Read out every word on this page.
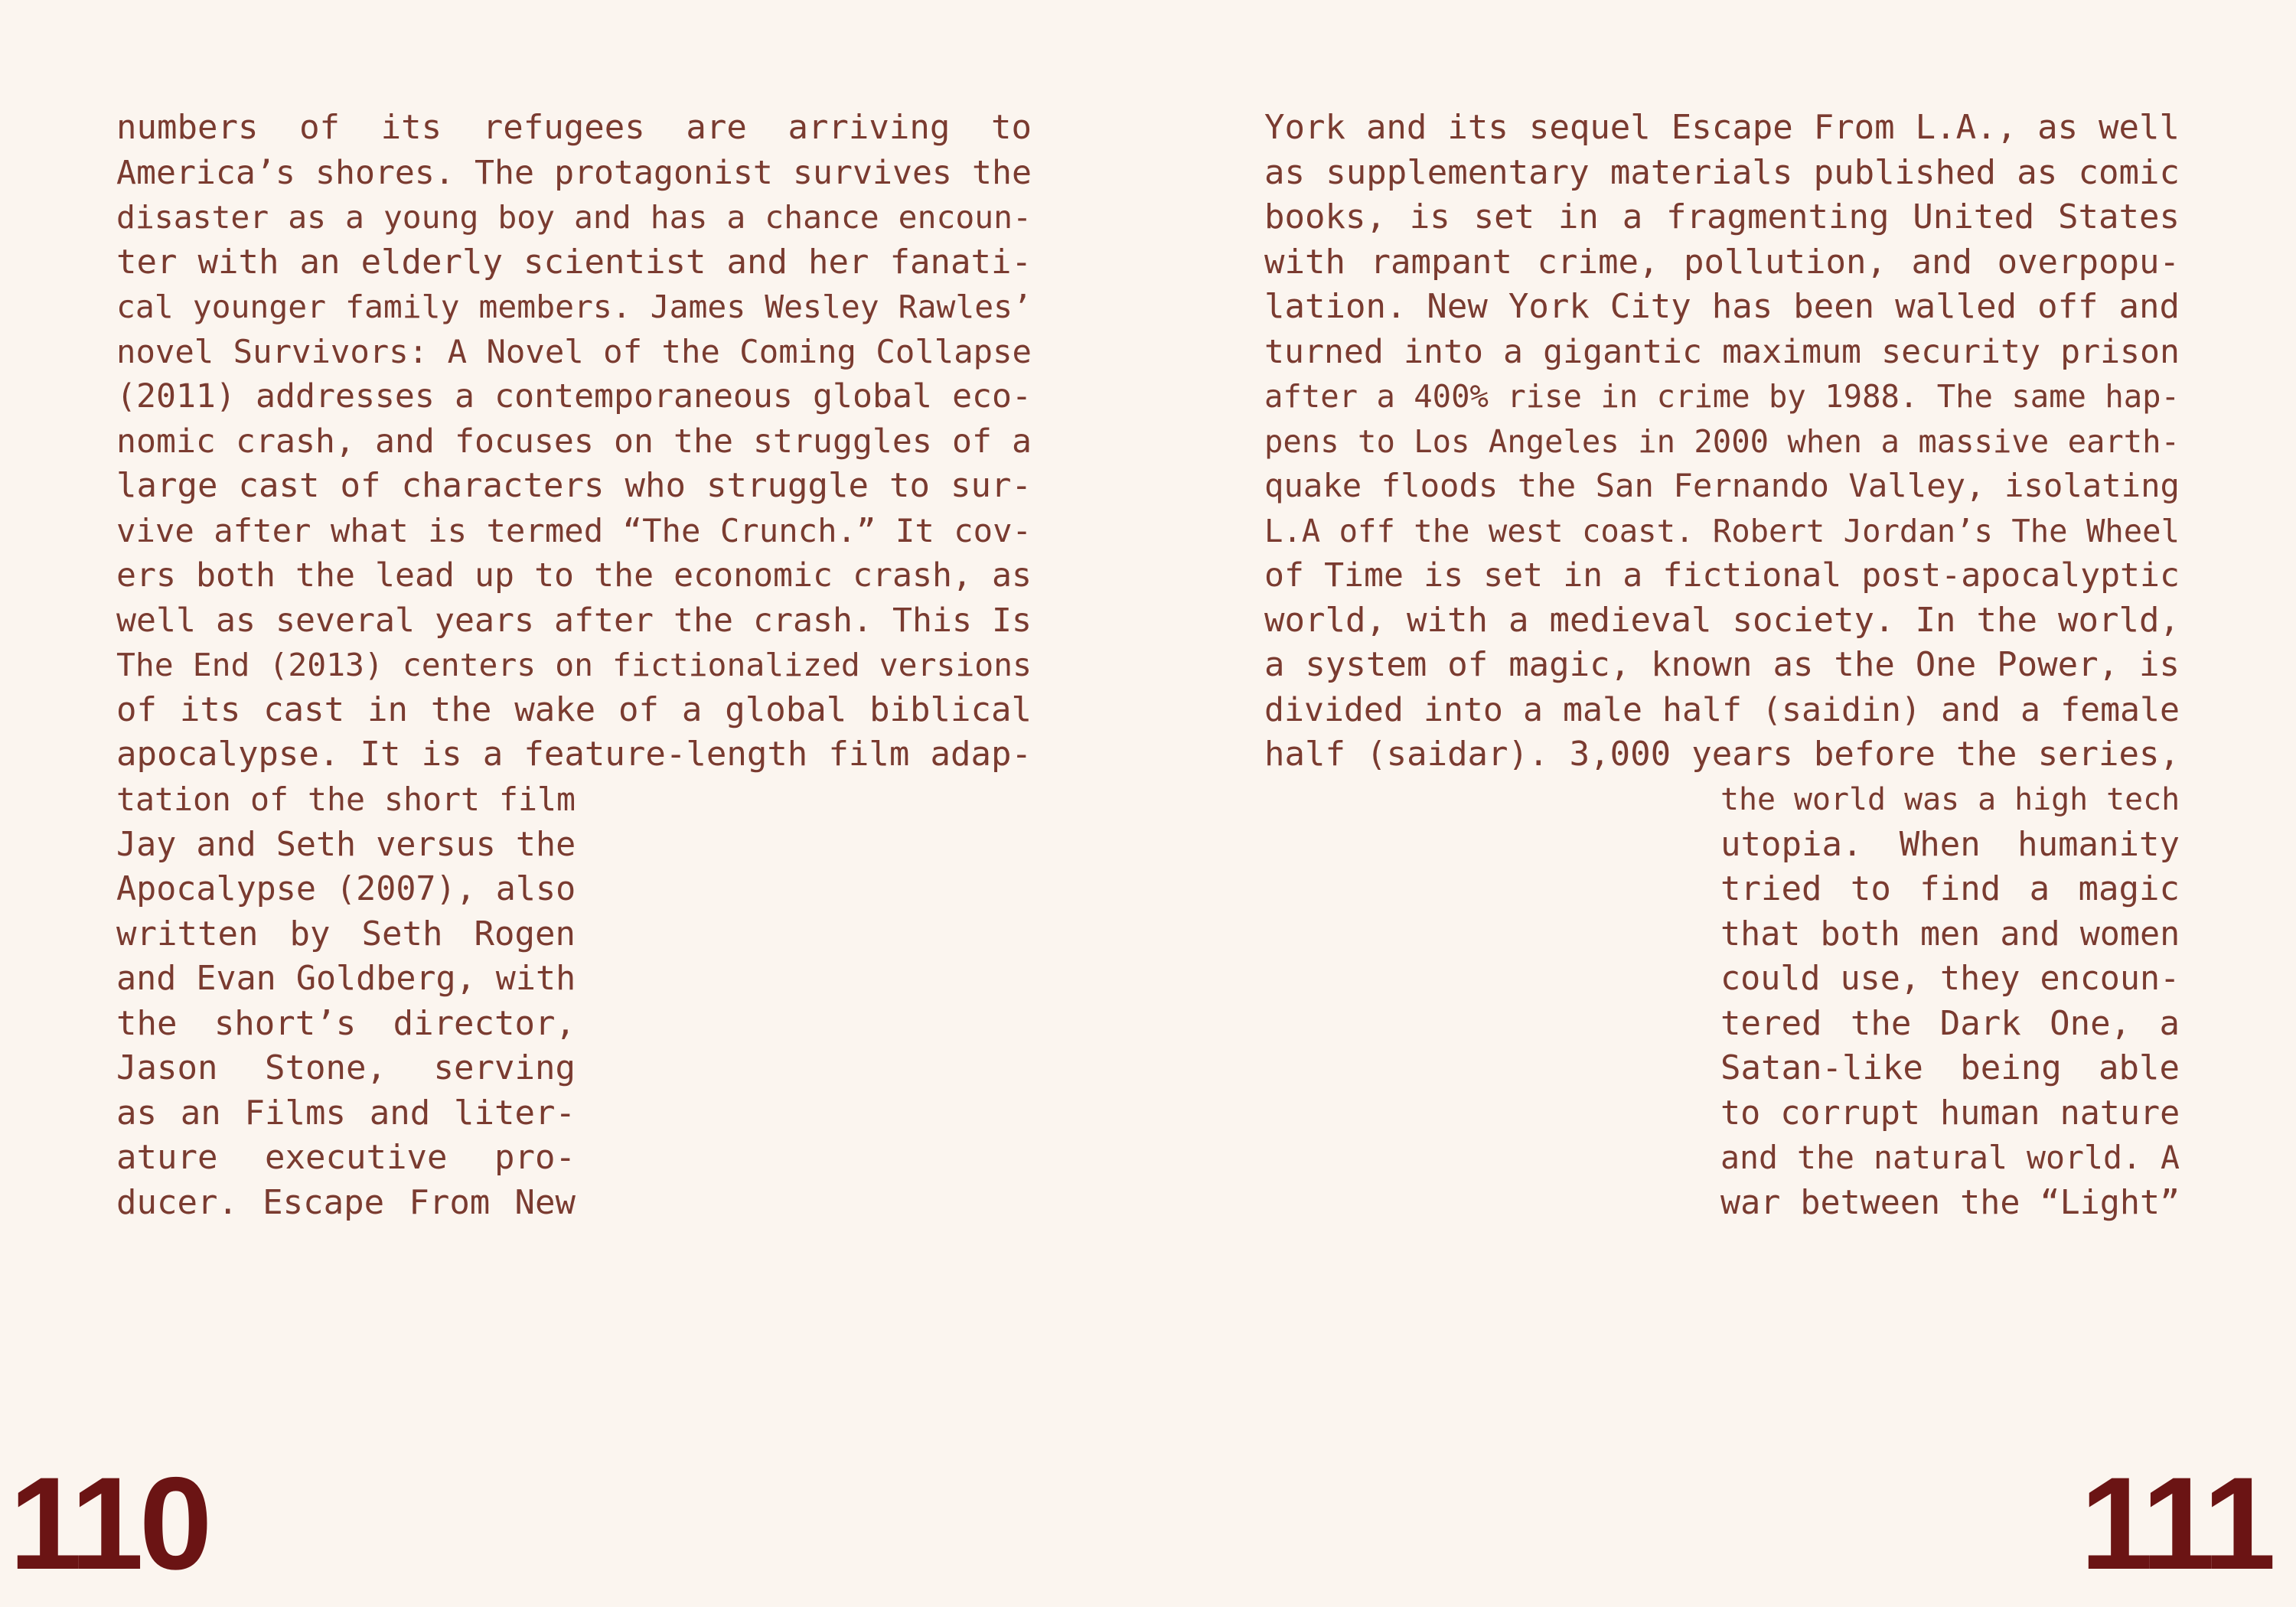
numbers of its refugees are arriving to
America’s shores. The protagonist survives the
disaster as a young boy and has a chance encoun-
ter with an elderly scientist and her fanati-
cal younger family members. James Wesley Rawles’
novel Survivors: A Novel of the Coming Collapse
(2011) addresses a contemporaneous global eco-
nomic crash, and focuses on the struggles of a
large cast of characters who struggle to sur-
vive after what is termed “The Crunch.” It cov-
ers both the lead up to the economic crash, as
well as several years after the crash. This Is
The End (2013) centers on fictionalized versions
of its cast in the wake of a global biblical
apocalypse. It is a feature-length film adap-
tation of the short film
Jay and Seth versus the
Apocalypse (2007), also
written by Seth Rogen
and Evan Goldberg, with
the short’s director,
Jason Stone, serving
as an Films and liter-
ature executive pro-
ducer. Escape From New
110
York and its sequel Escape From L.A., as well
as supplementary materials published as comic
books, is set in a fragmenting United States
with rampant crime, pollution, and overpopu-
lation. New York City has been walled off and
turned into a gigantic maximum security prison
after a 400% rise in crime by 1988. The same hap-
pens to Los Angeles in 2000 when a massive earth-
quake floods the San Fernando Valley, isolating
L.A off the west coast. Robert Jordan’s The Wheel
of Time is set in a fictional post-apocalyptic
world, with a medieval society. In the world,
a system of magic, known as the One Power, is
divided into a male half (saidin) and a female
half (saidar). 3,000 years before the series,
the world was a high tech
utopia. When humanity
tried to find a magic
that both men and women
could use, they encoun-
tered the Dark One, a
Satan-like being able
to corrupt human nature
and the natural world. A
war between the “Light”
111
